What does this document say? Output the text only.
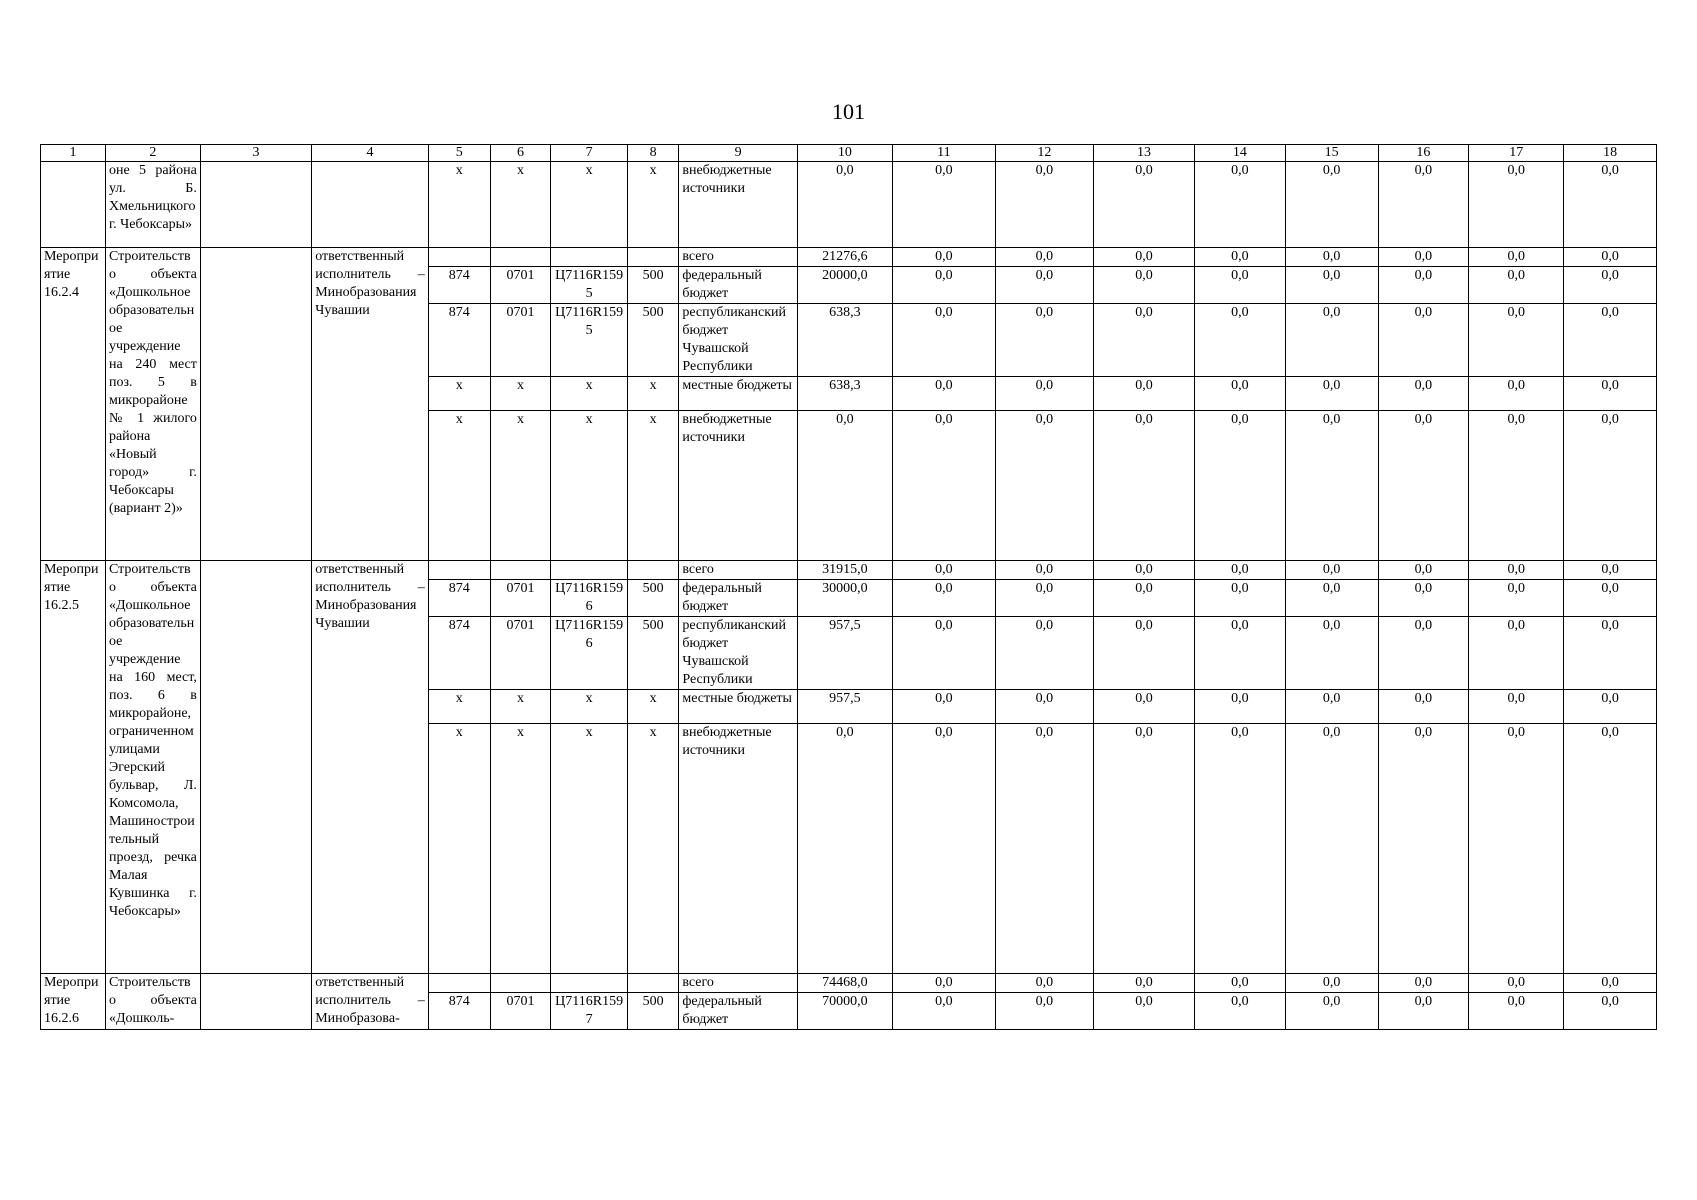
101
1	2	3	4	5	6	7	8	9	10	11	12	13	14	15	16	17	18
	оне 5 района ул. Б. Хмельницкого г. Чебоксары»			х	х	х	х	внебюджетные источники	0,0	0,0	0,0	0,0	0,0	0,0	0,0	0,0	0,0
Мероприятие 16.2.4	Строительство объекта «Дошкольное образовательное учреждение на 240 мест поз. 5 в микрорайоне № 1 жилого района «Новый город» г. Чебоксары (вариант 2)»		ответственный исполнитель – Минобразования Чувашии					всего	21276,6	0,0	0,0	0,0	0,0	0,0	0,0	0,0	0,0
				874	0701	Ц7116R1595	500	федеральный бюджет	20000,0	0,0	0,0	0,0	0,0	0,0	0,0	0,0	0,0
				874	0701	Ц7116R1595	500	республиканский бюджет Чувашской Республики	638,3	0,0	0,0	0,0	0,0	0,0	0,0	0,0	0,0
				х	х	х	х	местные бюджеты	638,3	0,0	0,0	0,0	0,0	0,0	0,0	0,0	0,0
				х	х	х	х	внебюджетные источники	0,0	0,0	0,0	0,0	0,0	0,0	0,0	0,0	0,0
Мероприятие 16.2.5	Строительство объекта «Дошкольное образовательное учреждение на 160 мест, поз. 6 в микрорайоне, ограниченном улицами Эгерский бульвар, Л. Комсомола, Машиностроительный проезд, речка Малая Кувшинка г. Чебоксары»		ответственный исполнитель – Минобразования Чувашии					всего	31915,0	0,0	0,0	0,0	0,0	0,0	0,0	0,0	0,0
				874	0701	Ц7116R1596	500	федеральный бюджет	30000,0	0,0	0,0	0,0	0,0	0,0	0,0	0,0	0,0
				874	0701	Ц7116R1596	500	республиканский бюджет Чувашской Республики	957,5	0,0	0,0	0,0	0,0	0,0	0,0	0,0	0,0
				х	х	х	х	местные бюджеты	957,5	0,0	0,0	0,0	0,0	0,0	0,0	0,0	0,0
				х	х	х	х	внебюджетные источники	0,0	0,0	0,0	0,0	0,0	0,0	0,0	0,0	0,0
Мероприятие 16.2.6	Строительство объекта «Дошколь-		ответственный исполнитель – Минобразова-					всего	74468,0	0,0	0,0	0,0	0,0	0,0	0,0	0,0	0,0
				874	0701	Ц7116R1597	500	федеральный бюджет	70000,0	0,0	0,0	0,0	0,0	0,0	0,0	0,0	0,0
